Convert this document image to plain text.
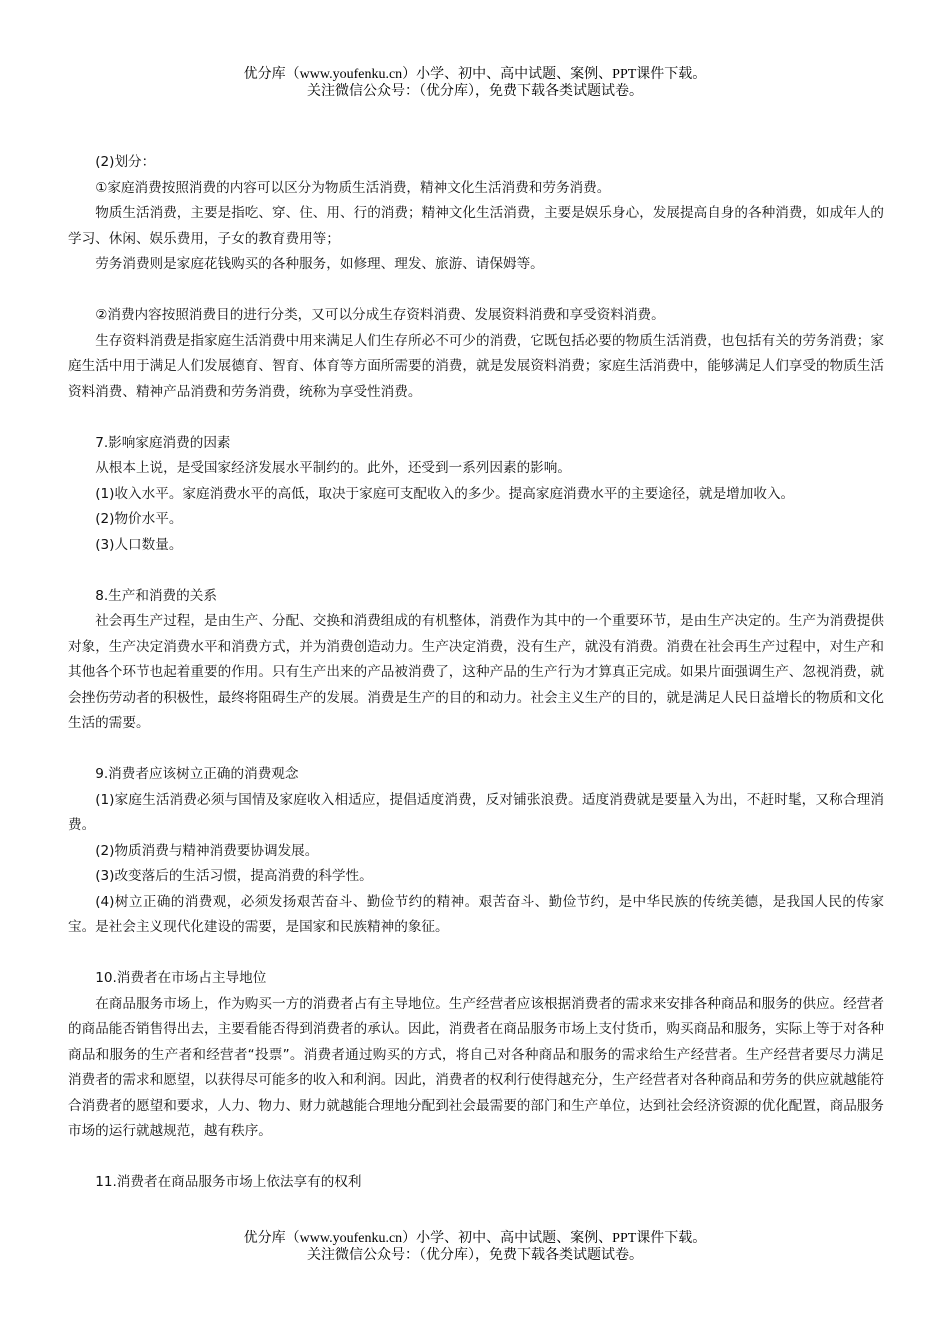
优分库（www.youfenku.cn）小学、初中、高中试题、案例、PPT课件下载。
关注微信公众号：（优分库），免费下载各类试题试卷。

(2)划分：

①家庭消费按照消费的内容可以区分为物质生活消费，精神文化生活消费和劳务消费。

物质生活消费，主要是指吃、穿、住、用、行的消费；精神文化生活消费，主要是娱乐身心，发展提高自身的各种消费，如成年人的学习、休闲、娱乐费用，子女的教育费用等；

劳务消费则是家庭花钱购买的各种服务，如修理、理发、旅游、请保姆等。

②消费内容按照消费目的进行分类，又可以分成生存资料消费、发展资料消费和享受资料消费。

生存资料消费是指家庭生活消费中用来满足人们生存所必不可少的消费，它既包括必要的物质生活消费，也包括有关的劳务消费；家庭生活中用于满足人们发展德育、智育、体育等方面所需要的消费，就是发展资料消费；家庭生活消费中，能够满足人们享受的物质生活资料消费、精神产品消费和劳务消费，统称为享受性消费。

7.影响家庭消费的因素

从根本上说，是受国家经济发展水平制约的。此外，还受到一系列因素的影响。

(1)收入水平。家庭消费水平的高低，取决于家庭可支配收入的多少。提高家庭消费水平的主要途径，就是增加收入。

(2)物价水平。

(3)人口数量。

8.生产和消费的关系

社会再生产过程，是由生产、分配、交换和消费组成的有机整体，消费作为其中的一个重要环节，是由生产决定的。生产为消费提供对象，生产决定消费水平和消费方式，并为消费创造动力。生产决定消费，没有生产，就没有消费。消费在社会再生产过程中，对生产和其他各个环节也起着重要的作用。只有生产出来的产品被消费了，这种产品的生产行为才算真正完成。如果片面强调生产、忽视消费，就会挫伤劳动者的积极性，最终将阻碍生产的发展。消费是生产的目的和动力。社会主义生产的目的，就是满足人民日益增长的物质和文化生活的需要。

9.消费者应该树立正确的消费观念

(1)家庭生活消费必须与国情及家庭收入相适应，提倡适度消费，反对铺张浪费。适度消费就是要量入为出，不赶时髦，又称合理消费。

(2)物质消费与精神消费要协调发展。

(3)改变落后的生活习惯，提高消费的科学性。

(4)树立正确的消费观，必须发扬艰苦奋斗、勤俭节约的精神。艰苦奋斗、勤俭节约，是中华民族的传统美德，是我国人民的传家宝。是社会主义现代化建设的需要，是国家和民族精神的象征。

10.消费者在市场占主导地位

在商品服务市场上，作为购买一方的消费者占有主导地位。生产经营者应该根据消费者的需求来安排各种商品和服务的供应。经营者的商品能否销售得出去，主要看能否得到消费者的承认。因此，消费者在商品服务市场上支付货币，购买商品和服务，实际上等于对各种商品和服务的生产者和经营者“投票”。消费者通过购买的方式，将自己对各种商品和服务的需求给生产经营者。生产经营者要尽力满足消费者的需求和愿望，以获得尽可能多的收入和利润。因此，消费者的权利行使得越充分，生产经营者对各种商品和劳务的供应就越能符合消费者的愿望和要求，人力、物力、财力就越能合理地分配到社会最需要的部门和生产单位，达到社会经济资源的优化配置，商品服务市场的运行就越规范，越有秩序。

11.消费者在商品服务市场上依法享有的权利

优分库（www.youfenku.cn）小学、初中、高中试题、案例、PPT课件下载。
关注微信公众号：（优分库），免费下载各类试题试卷。
